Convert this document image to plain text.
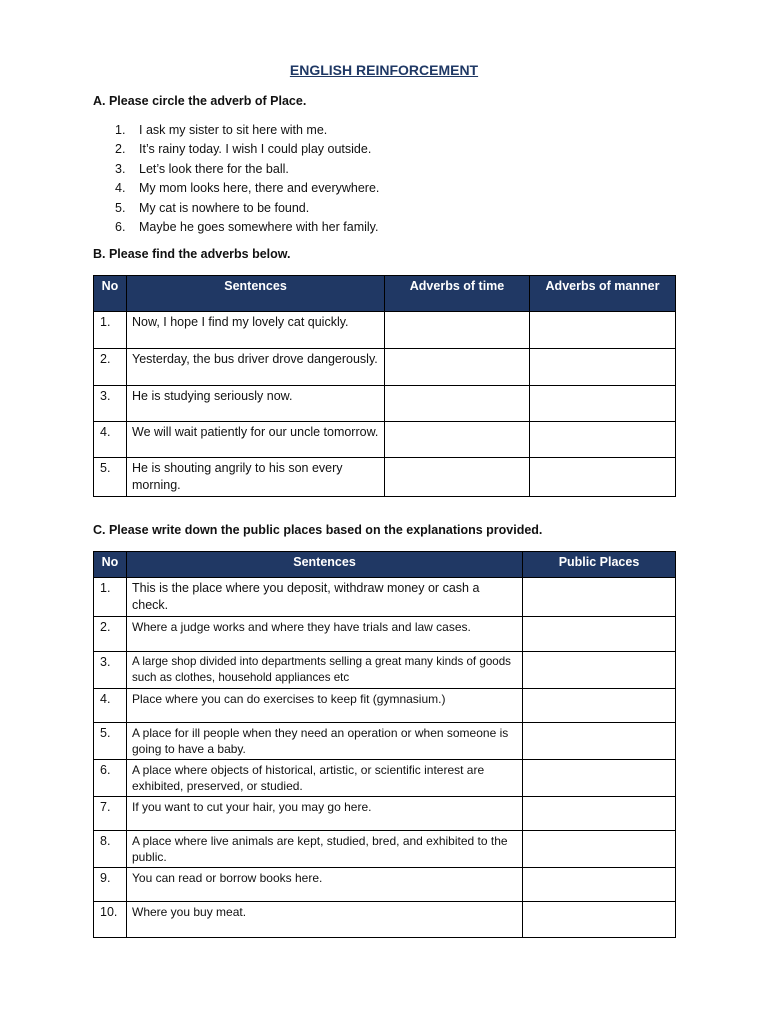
ENGLISH REINFORCEMENT
A. Please circle the adverb of Place.
1. I ask my sister to sit here with me.
2. It’s rainy today. I wish I could play outside.
3. Let’s look there for the ball.
4. My mom looks here, there and everywhere.
5. My cat is nowhere to be found.
6. Maybe he goes somewhere with her family.
B. Please find the adverbs below.
No	Sentences	Adverbs of time	Adverbs of manner
1.	Now, I hope I find my lovely cat quickly.		
2.	Yesterday, the bus driver drove dangerously.		
3.	He is studying seriously now.		
4.	We will wait patiently for our uncle tomorrow.		
5.	He is shouting angrily to his son every morning.		
C. Please write down the public places based on the explanations provided.
No	Sentences	Public Places
1.	This is the place where you deposit, withdraw money or cash a check.	
2.	Where a judge works and where they have trials and law cases.	
3.	A large shop divided into departments selling a great many kinds of goods such as clothes, household appliances etc	
4.	Place where you can do exercises to keep fit (gymnasium.)	
5.	A place for ill people when they need an operation or when someone is going to have a baby.	
6.	A place where objects of historical, artistic, or scientific interest are exhibited, preserved, or studied.	
7.	If you want to cut your hair, you may go here.	
8.	A place where live animals are kept, studied, bred, and exhibited to the public.	
9.	You can read or borrow books here.	
10.	Where you buy meat.	
